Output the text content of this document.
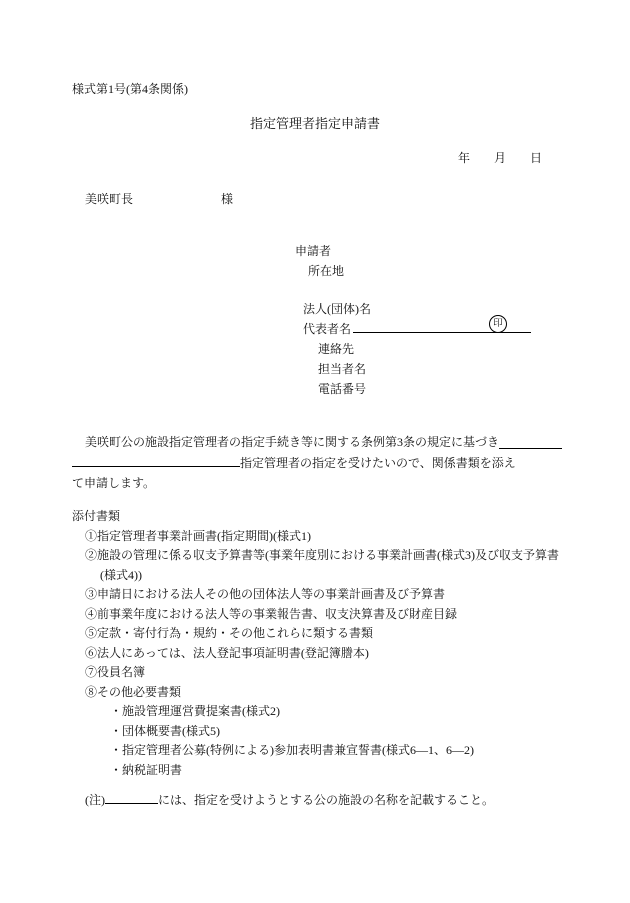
様式第1号(第4条関係)
指定管理者指定申請書
年　　月　　日
美咲町長	様
申請者
所在地
法人(団体)名
代表者名	印
連絡先
担当者名
電話番号
美咲町公の施設指定管理者の指定手続き等に関する条例第3条の規定に基づき
指定管理者の指定を受けたいので、関係書類を添え
て申請します。
添付書類
①指定管理者事業計画書(指定期間)(様式1)
②施設の管理に係る収支予算書等(事業年度別における事業計画書(様式3)及び収支予算書(様式4))
③申請日における法人その他の団体法人等の事業計画書及び予算書
④前事業年度における法人等の事業報告書、収支決算書及び財産目録
⑤定款・寄付行為・規約・その他これらに類する書類
⑥法人にあっては、法人登記事項証明書(登記簿謄本)
⑦役員名簿
⑧その他必要書類
・施設管理運営費提案書(様式2)
・団体概要書(様式5)
・指定管理者公募(特例による)参加表明書兼宣誓書(様式6―1、6―2)
・納税証明書
(注)	には、指定を受けようとする公の施設の名称を記載すること。
